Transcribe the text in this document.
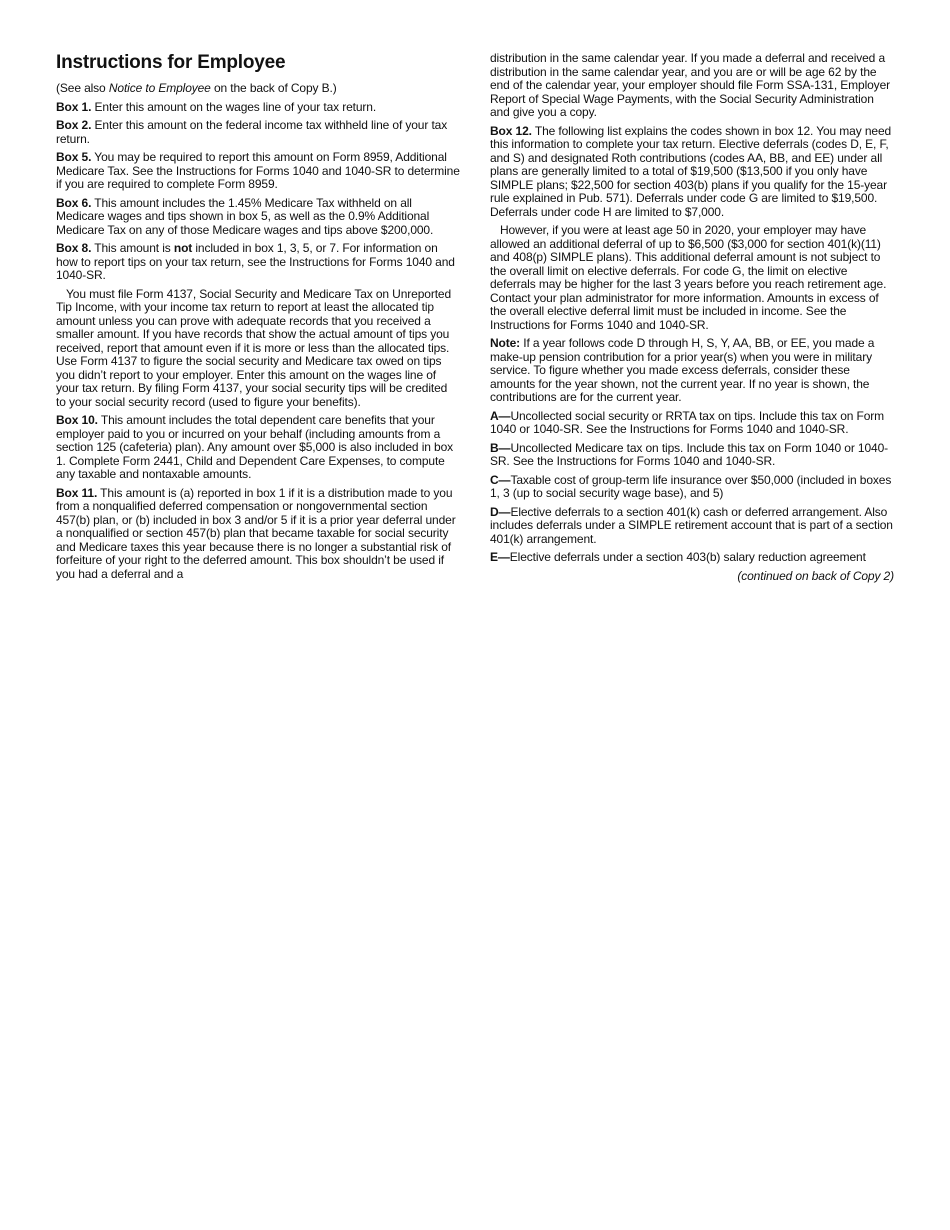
Instructions for Employee

(See also Notice to Employee on the back of Copy B.)

Box 1. Enter this amount on the wages line of your tax return.

Box 2. Enter this amount on the federal income tax withheld line of your tax return.

Box 5. You may be required to report this amount on Form 8959, Additional Medicare Tax. See the Instructions for Forms 1040 and 1040-SR to determine if you are required to complete Form 8959.

Box 6. This amount includes the 1.45% Medicare Tax withheld on all Medicare wages and tips shown in box 5, as well as the 0.9% Additional Medicare Tax on any of those Medicare wages and tips above $200,000.

Box 8. This amount is not included in box 1, 3, 5, or 7. For information on how to report tips on your tax return, see the Instructions for Forms 1040 and 1040-SR.

You must file Form 4137, Social Security and Medicare Tax on Unreported Tip Income, with your income tax return to report at least the allocated tip amount unless you can prove with adequate records that you received a smaller amount. If you have records that show the actual amount of tips you received, report that amount even if it is more or less than the allocated tips. Use Form 4137 to figure the social security and Medicare tax owed on tips you didn’t report to your employer. Enter this amount on the wages line of your tax return. By filing Form 4137, your social security tips will be credited to your social security record (used to figure your benefits).

Box 10. This amount includes the total dependent care benefits that your employer paid to you or incurred on your behalf (including amounts from a section 125 (cafeteria) plan). Any amount over $5,000 is also included in box 1. Complete Form 2441, Child and Dependent Care Expenses, to compute any taxable and nontaxable amounts.

Box 11. This amount is (a) reported in box 1 if it is a distribution made to you from a nonqualified deferred compensation or nongovernmental section 457(b) plan, or (b) included in box 3 and/or 5 if it is a prior year deferral under a nonqualified or section 457(b) plan that became taxable for social security and Medicare taxes this year because there is no longer a substantial risk of forfeiture of your right to the deferred amount. This box shouldn’t be used if you had a deferral and a

distribution in the same calendar year. If you made a deferral and received a distribution in the same calendar year, and you are or will be age 62 by the end of the calendar year, your employer should file Form SSA-131, Employer Report of Special Wage Payments, with the Social Security Administration and give you a copy.

Box 12. The following list explains the codes shown in box 12. You may need this information to complete your tax return. Elective deferrals (codes D, E, F, and S) and designated Roth contributions (codes AA, BB, and EE) under all plans are generally limited to a total of $19,500 ($13,500 if you only have SIMPLE plans; $22,500 for section 403(b) plans if you qualify for the 15-year rule explained in Pub. 571). Deferrals under code G are limited to $19,500. Deferrals under code H are limited to $7,000.

However, if you were at least age 50 in 2020, your employer may have allowed an additional deferral of up to $6,500 ($3,000 for section 401(k)(11) and 408(p) SIMPLE plans). This additional deferral amount is not subject to the overall limit on elective deferrals. For code G, the limit on elective deferrals may be higher for the last 3 years before you reach retirement age. Contact your plan administrator for more information. Amounts in excess of the overall elective deferral limit must be included in income. See the Instructions for Forms 1040 and 1040-SR.

Note: If a year follows code D through H, S, Y, AA, BB, or EE, you made a make-up pension contribution for a prior year(s) when you were in military service. To figure whether you made excess deferrals, consider these amounts for the year shown, not the current year. If no year is shown, the contributions are for the current year.

A—Uncollected social security or RRTA tax on tips. Include this tax on Form 1040 or 1040-SR. See the Instructions for Forms 1040 and 1040-SR.

B—Uncollected Medicare tax on tips. Include this tax on Form 1040 or 1040-SR. See the Instructions for Forms 1040 and 1040-SR.

C—Taxable cost of group-term life insurance over $50,000 (included in boxes 1, 3 (up to social security wage base), and 5)

D—Elective deferrals to a section 401(k) cash or deferred arrangement. Also includes deferrals under a SIMPLE retirement account that is part of a section 401(k) arrangement.

E—Elective deferrals under a section 403(b) salary reduction agreement

(continued on back of Copy 2)
